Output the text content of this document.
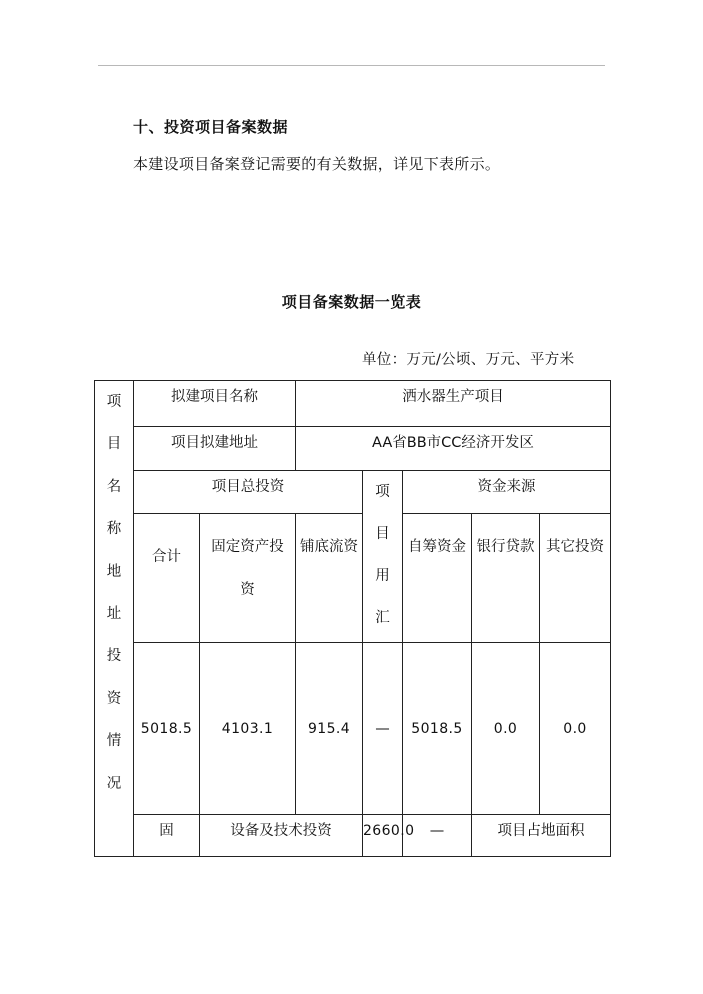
十、投资项目备案数据
本建设项目备案登记需要的有关数据，详见下表所示。
项目备案数据一览表
单位：万元/公顷、万元、平方米
项目名称地址投资情况	拟建项目名称		洒水器生产项目					
	项目拟建地址		AA省BB市CC经济开发区					
	项目总投资			项目用汇	资金来源			
	合计	固定资产投资	铺底流资		自筹资金	银行贷款	其它投资	

	5018.5	4103.1	915.4	—	5018.5	0.0	0.0	
	固	设备及技术投资		2660.0	—	项目占地面积	
